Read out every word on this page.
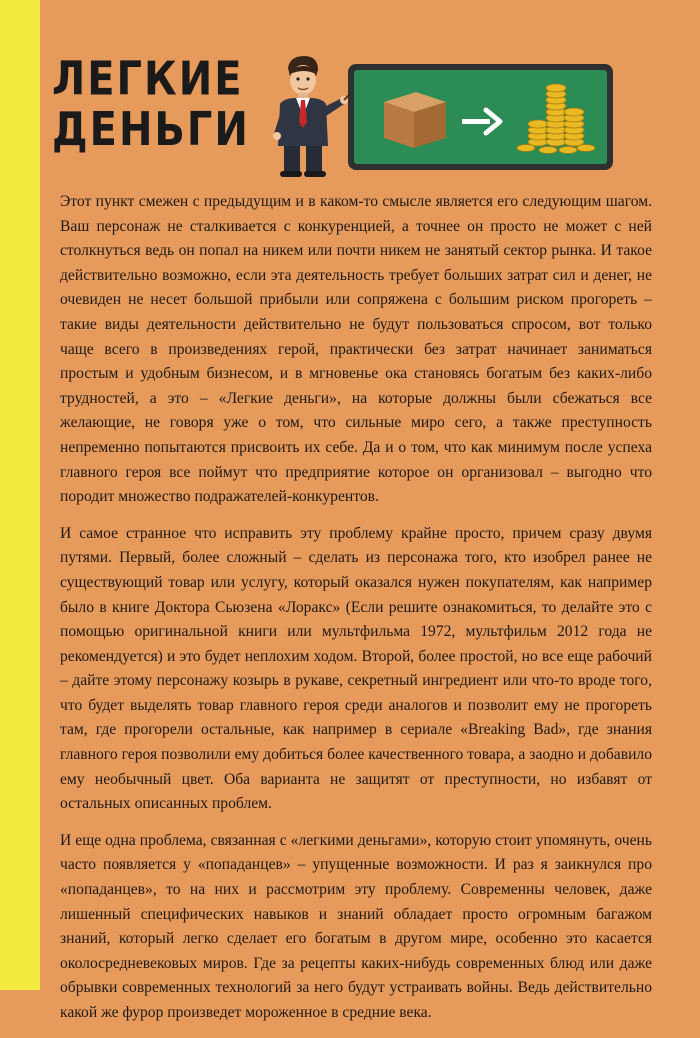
ЛЕГКИЕ
ДЕНЬГИ

Этот пункт смежен с предыдущим и в каком-то смысле является его следующим шагом. Ваш персонаж не сталкивается с конкуренцией, а точнее он просто не может с ней столкнуться ведь он попал на никем или почти никем не занятый сектор рынка. И такое действительно возможно, если эта деятельность требует больших затрат сил и денег, не очевиден не несет большой прибыли или сопряжена с большим риском прогореть – такие виды деятельности действительно не будут пользоваться спросом, вот только чаще всего в произведениях герой, практически без затрат начинает заниматься простым и удобным бизнесом, и в мгновенье ока становясь богатым без каких-либо трудностей, а это – «Легкие деньги», на которые должны были сбежаться все желающие, не говоря уже о том, что сильные миро сего, а также преступность непременно попытаются присвоить их себе. Да и о том, что как минимум после успеха главного героя все поймут что предприятие которое он организовал – выгодно что породит множество подражателей-конкурентов.

И самое странное что исправить эту проблему крайне просто, причем сразу двумя путями. Первый, более сложный – сделать из персонажа того, кто изобрел ранее не существующий товар или услугу, который оказался нужен покупателям, как например было в книге Доктора Сьюзена «Лоракс» (Если решите ознакомиться, то делайте это с помощью оригинальной книги или мультфильма 1972, мультфильм 2012 года не рекомендуется) и это будет неплохим ходом. Второй, более простой, но все еще рабочий – дайте этому персонажу козырь в рукаве, секретный ингредиент или что-то вроде того, что будет выделять товар главного героя среди аналогов и позволит ему не прогореть там, где прогорели остальные, как например в сериале «Breaking Bad», где знания главного героя позволили ему добиться более качественного товара, а заодно и добавило ему необычный цвет. Оба варианта не защитят от преступности, но избавят от остальных описанных проблем.

И еще одна проблема, связанная с «легкими деньгами», которую стоит упомянуть, очень часто появляется у «попаданцев» – упущенные возможности. И раз я заикнулся про «попаданцев», то на них и рассмотрим эту проблему. Современны человек, даже лишенный специфических навыков и знаний обладает просто огромным багажом знаний, который легко сделает его богатым в другом мире, особенно это касается околосредневековых миров. Где за рецепты каких-нибудь современных блюд или даже обрывки современных технологий за него будут устраивать войны. Ведь действительно какой же фурор произведет мороженное в средние века.
